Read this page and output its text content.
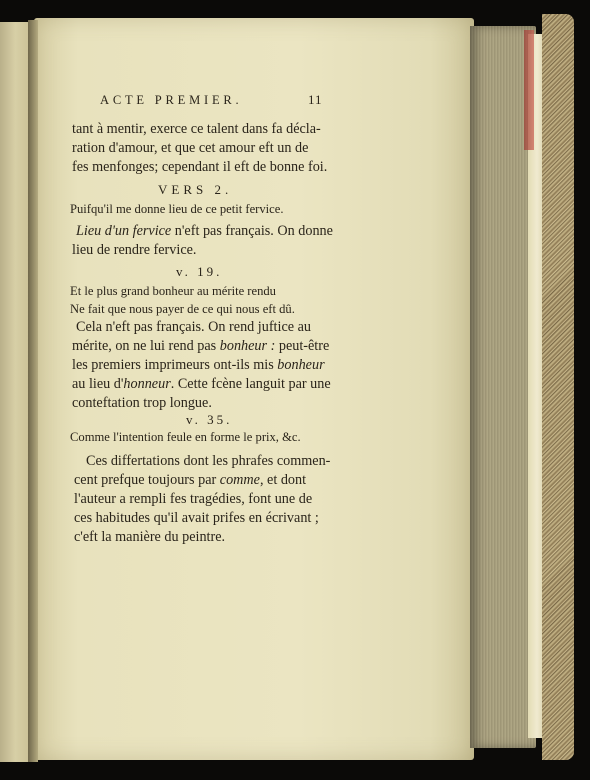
ACTE PREMIER.	11
tant à mentir, exerce ce talent dans fa décla-
ration d'amour, et que cet amour eft un de
fes menfonges; cependant il eft de bonne foi.
VERS 2.
Puifqu'il me donne lieu de ce petit fervice.
Lieu d'un fervice n'eft pas français. On donne
lieu de rendre fervice.
v. 19.
Et le plus grand bonheur au mérite rendu
Ne fait que nous payer de ce qui nous eft dû.
Cela n'eft pas français. On rend juftice au
mérite, on ne lui rend pas bonheur : peut-être
les premiers imprimeurs ont-ils mis bonheur
au lieu d'honneur. Cette fcène languit par une
conteftation trop longue.
v. 35.
Comme l'intention feule en forme le prix, &c.
Ces differtations dont les phrafes commen-
cent prefque toujours par comme, et dont
l'auteur a rempli fes tragédies, font une de
ces habitudes qu'il avait prifes en écrivant ;
c'eft la manière du peintre.
